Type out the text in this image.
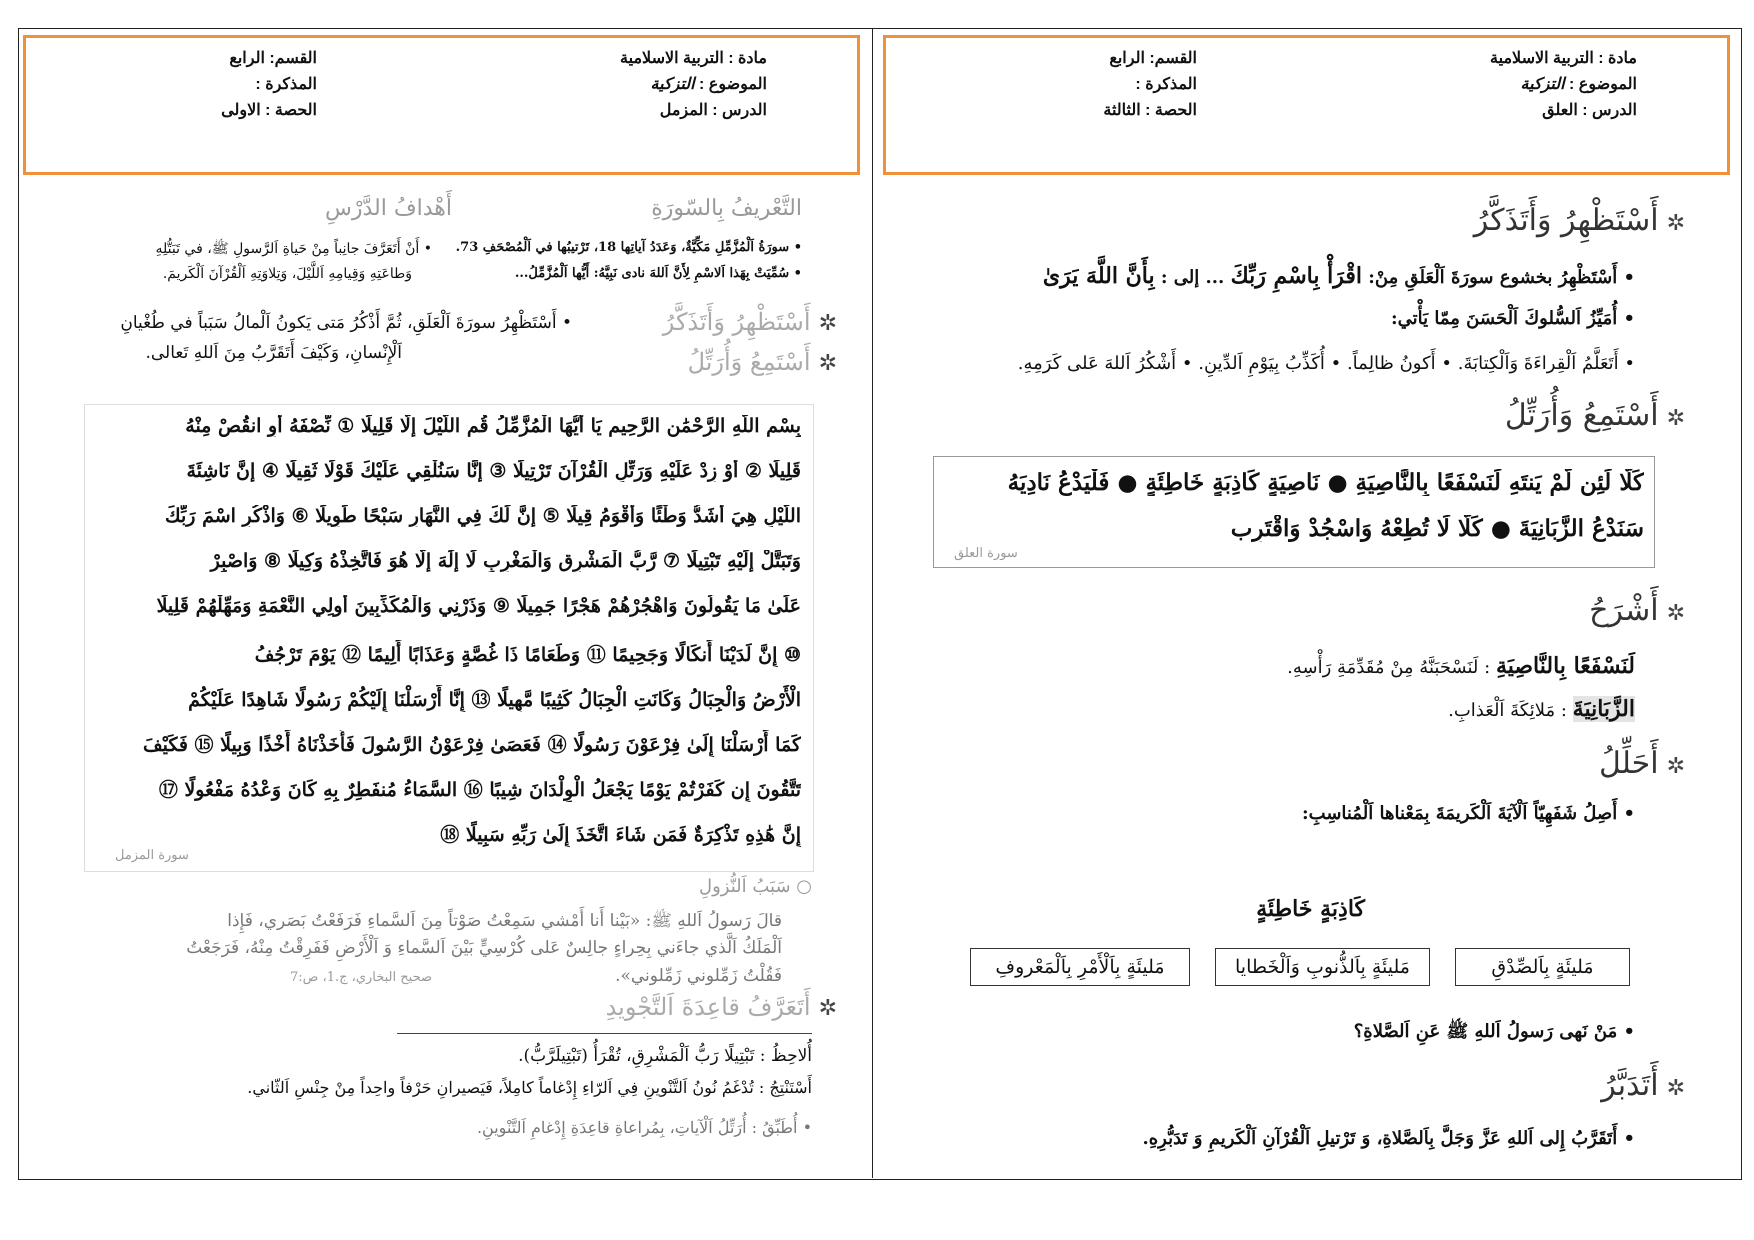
مادة : التربية الاسلامية
الموضوع : التزكية
الدرس : العلق
القسم: الرابع
المذكرة :
الحصة : الثالثة
✲أَسْتَظْهِرُ وَأَتَذَكَّرُ
• أَسْتَظْهِرُ بخشوع سورَةَ اَلْعَلَقِ مِنْ: اقْرَأْ بِاسْمِ رَبِّكَ ... إلى : بِأَنَّ اللَّهَ يَرَىٰ
• أُمَيِّزُ اَلسُّلوكَ اَلْحَسَنَ مِمّا يَأْتي:
• أَتَعَلَّمُ اَلْقِراءَةَ وَاَلْكِتابَةَ. • أَكونُ ظالِماً. • أُكَذِّبُ بِيَوْمِ اَلدِّينِ. • أَشْكُرُ اَللهَ عَلى كَرَمِهِ.
✲أَسْتَمِعُ وَأُرَتِّلُ
كَلَّا لَئِن لَّمْ يَنتَهِ لَنَسْفَعًا بِالنَّاصِيَةِ ● نَاصِيَةٍ كَاذِبَةٍ خَاطِئَةٍ ● فَلْيَدْعُ نَادِيَهُ
سَنَدْعُ الزَّبَانِيَةَ ● كَلَّا لَا تُطِعْهُ وَاسْجُدْ وَاقْتَرِب
سورة العلق
✲أَشْرَحُ
لَنَسْفَعًا بِالنَّاصِيَةِ : لَنَسْحَبَنَّهُ مِنْ مُقَدِّمَةِ رَأْسِهِ.
الزَّبَانِيَةَ : مَلائِكَةَ اَلْعَذابِ.
✲أَحَلِّلُ
• أَصِلُ شَفَهِيّاً اَلْآيَةَ اَلْكَريمَةَ بِمَعْناها اَلْمُناسِبِ:
كَاذِبَةٍ خَاطِئَةٍ
مَليئَةٍ بِاَلصِّدْقِ
مَليئَةٍ بِاَلذُّنوبِ وَاَلْخَطايا
مَليئَةٍ بِاَلْأَمْرِ بِاَلْمَعْروفِ
• مَنْ نَهى رَسولُ اَللهِ ﷺ عَنِ اَلصَّلاةِ؟
✲أَتَدَبَّرُ
• أَتَقَرَّبُ إِلى اَللهِ عَزَّ وَجَلَّ بِاَلصَّلاةِ، وَ تَرْتيلِ اَلْقُرْآنِ اَلْكَريمِ وَ تَدَبُّرِهِ.
مادة : التربية الاسلامية
الموضوع : التزكية
الدرس : المزمل
القسم: الرابع
المذكرة :
الحصة : الاولى
التَّعْريفُ بِالسّورَةِ
أَهْدافُ الدَّرْسِ
• سورَةُ اَلْمُزَّمِّلِ مَكِّيَّةٌ، وَعَدَدُ آياتِها 18، تَرْتيبُها في اَلْمُصْحَفِ 73.
• سُمِّيَتْ بِهَذا اَلاسْمِ لِأَنَّ اَللهَ نادى نَبِيَّهُ: أَيُّها اَلْمُزَّمِّلُ...
• أَنْ أَتَعَرَّفَ جانِباً مِنْ حَياةِ اَلرَّسولِ ﷺ، في تَبَتُّلِهِ
وَطاعَتِهِ وَقِيامِهِ اَللَّيْلَ، وَتِلاوَتِهِ اَلْقُرْآنَ اَلْكَريمَ.
✲أَسْتَظْهِرُ وَأَتَذَكَّرُ
• أَسْتَظْهِرُ سورَةَ اَلْعَلَقِ، ثُمَّ أَذْكُرُ مَتى يَكونُ اَلْمالُ سَبَباً في طُغْيانِ
اَلْإِنْسانِ، وَكَيْفَ أَتَقَرَّبُ مِنَ اَللهِ تَعالى.	✲أَسْتَمِعُ وَأُرَتِّلُ
بِسْمِ اللَّهِ الرَّحْمَٰنِ الرَّحِيمِ يَا أَيُّهَا الْمُزَّمِّلُ قُمِ اللَّيْلَ إِلَّا قَلِيلًا ① نِّصْفَهُ أَوِ انقُصْ مِنْهُ
قَلِيلًا ② أَوْ زِدْ عَلَيْهِ وَرَتِّلِ الْقُرْآنَ تَرْتِيلًا ③ إِنَّا سَنُلْقِي عَلَيْكَ قَوْلًا ثَقِيلًا ④ إِنَّ نَاشِئَةَ
اللَّيْلِ هِيَ أَشَدُّ وَطْئًا وَأَقْوَمُ قِيلًا ⑤ إِنَّ لَكَ فِي النَّهَارِ سَبْحًا طَوِيلًا ⑥ وَاذْكُرِ اسْمَ رَبِّكَ
وَتَبَتَّلْ إِلَيْهِ تَبْتِيلًا ⑦ رَّبُّ الْمَشْرِقِ وَالْمَغْرِبِ لَا إِلَٰهَ إِلَّا هُوَ فَاتَّخِذْهُ وَكِيلًا ⑧ وَاصْبِرْ
عَلَىٰ مَا يَقُولُونَ وَاهْجُرْهُمْ هَجْرًا جَمِيلًا ⑨ وَذَرْنِي وَالْمُكَذِّبِينَ أُولِي النَّعْمَةِ وَمَهِّلْهُمْ قَلِيلًا
⑩ إِنَّ لَدَيْنَا أَنكَالًا وَجَحِيمًا ⑪ وَطَعَامًا ذَا غُصَّةٍ وَعَذَابًا أَلِيمًا ⑫ يَوْمَ تَرْجُفُ
الْأَرْضُ وَالْجِبَالُ وَكَانَتِ الْجِبَالُ كَثِيبًا مَّهِيلًا ⑬ إِنَّا أَرْسَلْنَا إِلَيْكُمْ رَسُولًا شَاهِدًا عَلَيْكُمْ
كَمَا أَرْسَلْنَا إِلَىٰ فِرْعَوْنَ رَسُولًا ⑭ فَعَصَىٰ فِرْعَوْنُ الرَّسُولَ فَأَخَذْنَاهُ أَخْذًا وَبِيلًا ⑮ فَكَيْفَ
تَتَّقُونَ إِن كَفَرْتُمْ يَوْمًا يَجْعَلُ الْوِلْدَانَ شِيبًا ⑯ السَّمَاءُ مُنفَطِرٌ بِهِ كَانَ وَعْدُهُ مَفْعُولًا ⑰
إِنَّ هَٰذِهِ تَذْكِرَةٌ فَمَن شَاءَ اتَّخَذَ إِلَىٰ رَبِّهِ سَبِيلًا ⑱
سورة المزمل
○ سَبَبُ اَلنُّزولِ
قالَ رَسولُ اَللهِ ﷺ: «بَيْنا أَنا أَمْشي سَمِعْتُ صَوْتاً مِنَ اَلسَّماءِ فَرَفَعْتُ بَصَري، فَإِذا
اَلْمَلَكُ اَلَّذي جاءَني بِحِراءٍ جالِسٌ عَلى كُرْسِيٍّ بَيْنَ اَلسَّماءِ وَ اَلْأَرْضِ فَفَرِقْتُ مِنْهُ، فَرَجَعْتُ
فَقُلْتُ زَمِّلوني زَمِّلوني».
صحيح البخاري، ج.1، ص:7
✲أَتَعَرَّفُ قاعِدَةَ اَلتَّجْويدِ
أُلاحِظُ : تَبْتِيلًا رَبُّ اَلْمَشْرِقِ، تُقْرَأُ (تَبْتِيلَرَّبُّ).
أَسْتَنْتِجُ : تُدْغَمُ نُونُ اَلتَّنْوينِ فِي اَلرّاءِ إِدْغاماً كامِلاً، فَيَصيرانِ حَرْفاً واحِداً مِنْ جِنْسِ اَلثّاني.
• أُطَبِّقُ : أُرَتِّلُ اَلْآياتِ، بِمُراعاةِ قاعِدَةِ إِدْغامِ اَلتَّنْوينِ.
